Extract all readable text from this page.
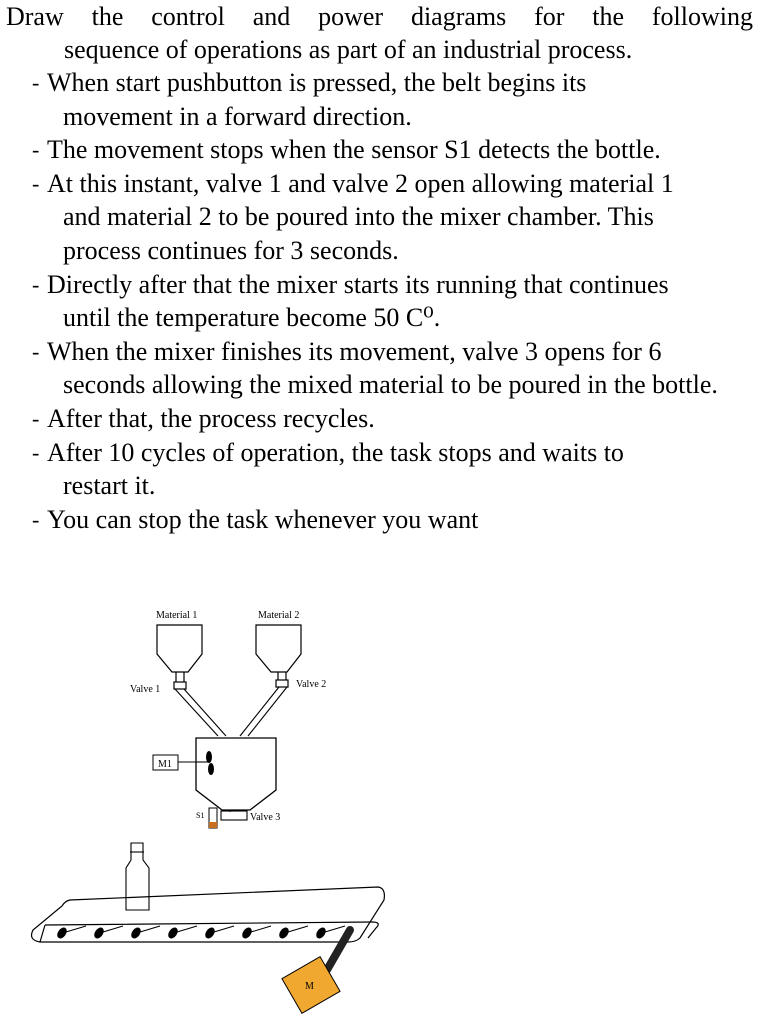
Draw the control and power diagrams for the following
sequence of operations as part of an industrial process.

- When start pushbutton is pressed, the belt begins its
movement in a forward direction.
- The movement stops when the sensor S1 detects the bottle.
- At this instant, valve 1 and valve 2 open allowing material 1
and material 2 to be poured into the mixer chamber. This process continues for 3 seconds.
- Directly after that the mixer starts its running that continues
until the temperature become 50 C⁰.
- When the mixer finishes its movement, valve 3 opens for 6
seconds allowing the mixed material to be poured in the bottle.
- After that, the process recycles.
- After 10 cycles of operation, the task stops and waits to
restart it.
- You can stop the task whenever you want
Material 1	Material 2
Valve 1	Valve 2
M1
S1	Valve 3
M
